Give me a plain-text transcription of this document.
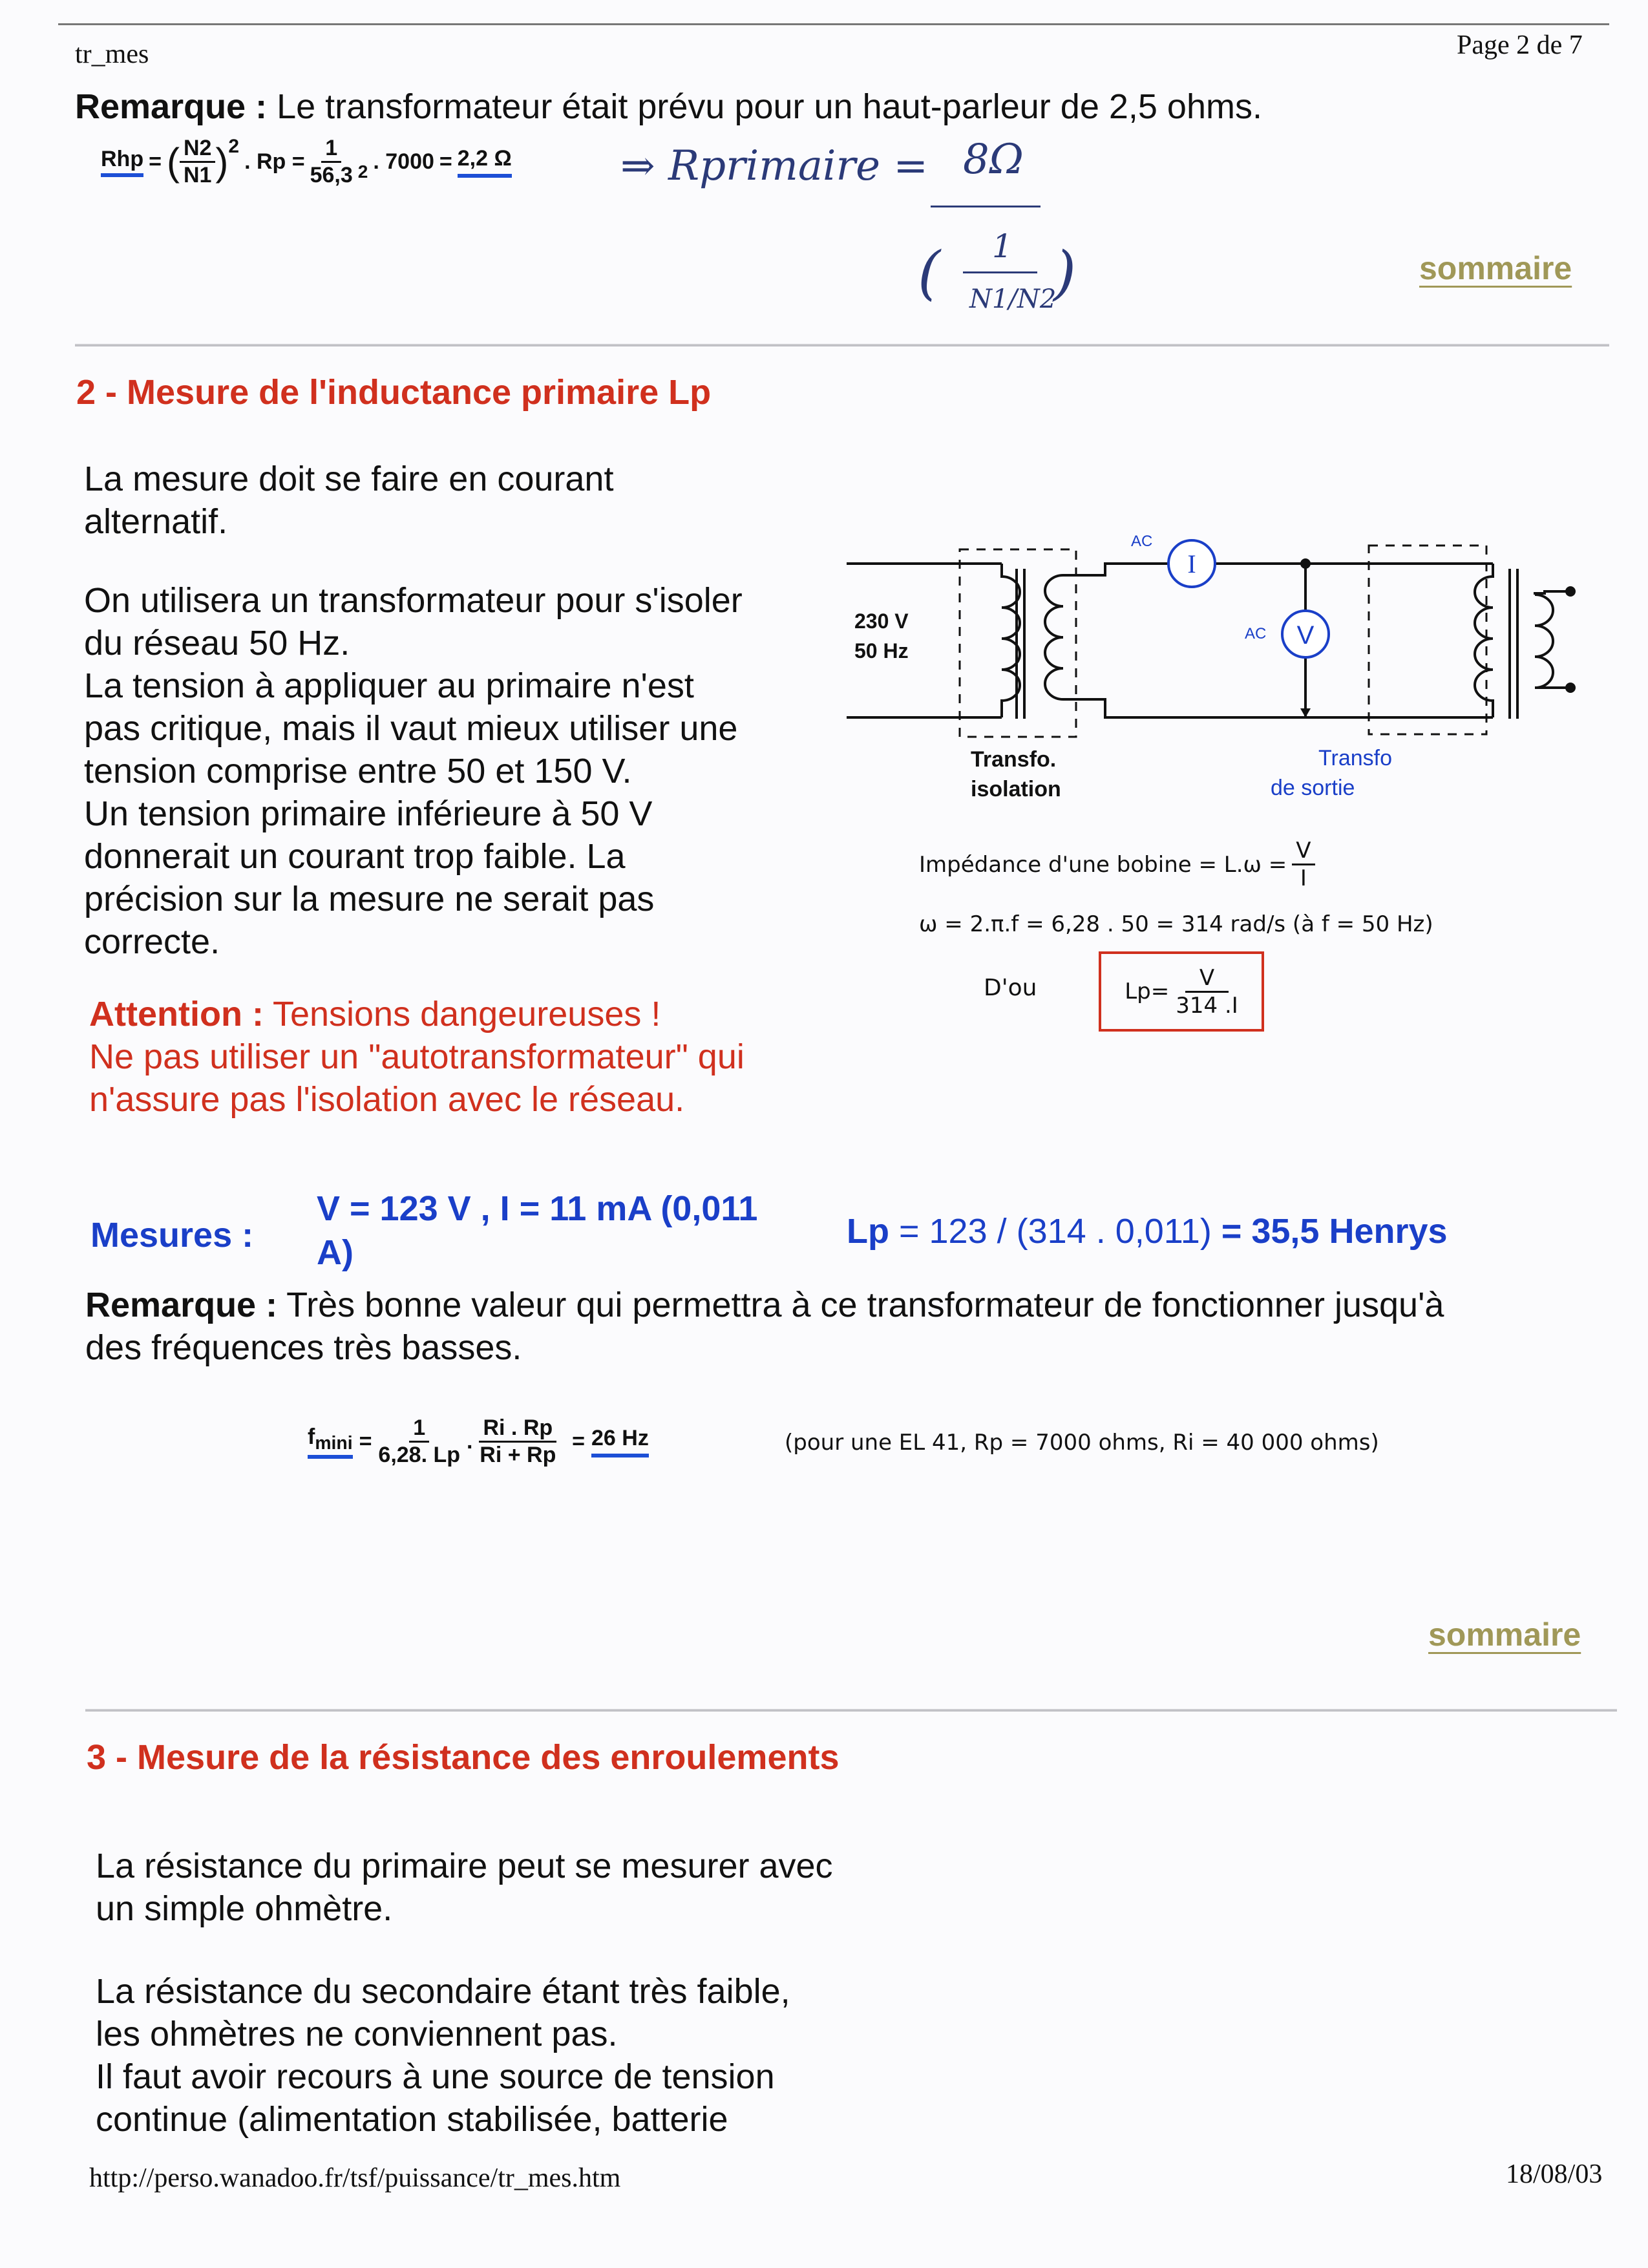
tr_mes	Page 2 de 7
Remarque : Le transformateur était prévu pour un haut-parleur de 2,5 ohms.
Rhp = ( $\frac{N2}{N1}$ ) 2
. $Rp = \frac{1}{56,3} _2$ . 7000 = 2,2 Ω	⇒ Rprimaire = 8Ω
( 1
N1/N2
)	sommaire
2 - Mesure de l'inductance primaire Lp
La mesure doit se faire en courant
alternatif.
On utilisera un transformateur pour s'isoler
du réseau 50 Hz.
La tension à appliquer au primaire n'est
pas critique, mais il vaut mieux utiliser une
tension comprise entre 50 et 150 V.
Un tension primaire inférieure à 50 V
donnerait un courant trop faible. La
précision sur la mesure ne serait pas
correcte.
Attention : Tensions dangeureuses !
Ne pas utiliser un "autotransformateur" qui
n'assure pas l'isolation avec le réseau.
I
V
AC
AC
230 V
50 Hz
Transfo.
isolation
Transfo
de sortie
Impédance d'une bobine = $L.\omega = \frac{V}{I}$
ω = 2.π.f = 6,28 . 50 = 314 rad/s (à f = 50 Hz)
D'ou	$Lp= \frac{V}{314 .I}$
Mesures :
V = 123 V , I = 11 mA (0,011
A)
Lp = 123 / (314 . 0,011) = 35,5 Henrys
Remarque : Très bonne valeur qui permettra à ce transformateur de fonctionner jusqu'à
des fréquences très basses.
$f_{mini} = \frac{1}{6,28. Lp}$ . $\frac{Ri . Rp}{Ri + Rp} = 26$ Hz	(pour une EL 41, Rp = 7000 ohms, Ri = 40 000 ohms)
sommaire
3 - Mesure de la résistance des enroulements
La résistance du primaire peut se mesurer avec
un simple ohmètre.
La résistance du secondaire étant très faible,
les ohmètres ne conviennent pas.
Il faut avoir recours à une source de tension
continue (alimentation stabilisée, batterie
http://perso.wanadoo.fr/tsf/puissance/tr_mes.htm	18/08/03
